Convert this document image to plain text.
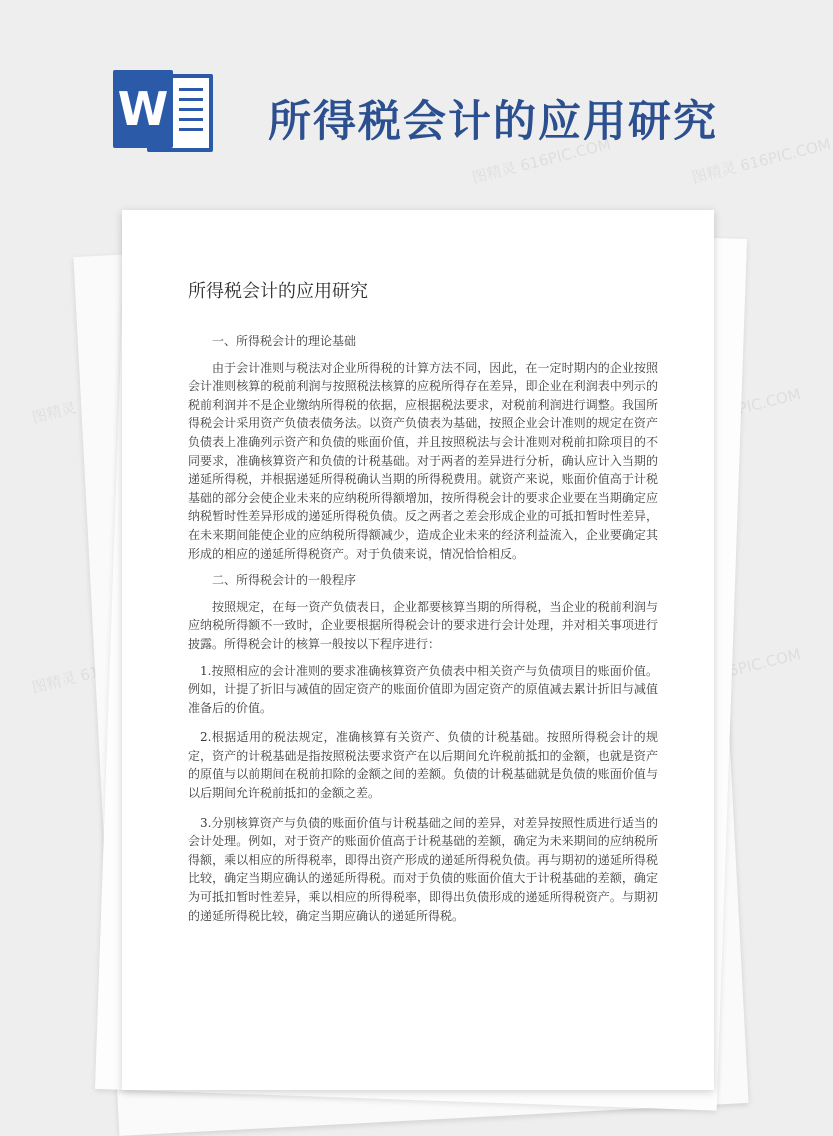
W 所得税会计的应用研究
图精灵 616PIC.COM	图精灵 616PIC.COM
图精灵
图精灵
616PIC.COM
616PIC.COM
所得税会计的应用研究
一、所得税会计的理论基础
由于会计准则与税法对企业所得税的计算方法不同，因此，在一定时期内的企业按照会计准则核算的税前利润与按照税法核算的应税所得存在差异，即企业在利润表中列示的税前利润并不是企业缴纳所得税的依据，应根据税法要求，对税前利润进行调整。我国所得税会计采用资产负债表债务法。以资产负债表为基础，按照企业会计准则的规定在资产负债表上准确列示资产和负债的账面价值，并且按照税法与会计准则对税前扣除项目的不同要求，准确核算资产和负债的计税基础。对于两者的差异进行分析，确认应计入当期的递延所得税，并根据递延所得税确认当期的所得税费用。就资产来说，账面价值高于计税基础的部分会使企业未来的应纳税所得额增加，按所得税会计的要求企业要在当期确定应纳税暂时性差异形成的递延所得税负债。反之两者之差会形成企业的可抵扣暂时性差异，在未来期间能使企业的应纳税所得额减少，造成企业未来的经济利益流入，企业要确定其形成的相应的递延所得税资产。对于负债来说，情况恰恰相反。
二、所得税会计的一般程序
按照规定，在每一资产负债表日，企业都要核算当期的所得税，当企业的税前利润与应纳税所得额不一致时，企业要根据所得税会计的要求进行会计处理，并对相关事项进行披露。所得税会计的核算一般按以下程序进行：
1.按照相应的会计准则的要求准确核算资产负债表中相关资产与负债项目的账面价值。例如，计提了折旧与减值的固定资产的账面价值即为固定资产的原值减去累计折旧与减值准备后的价值。
2.根据适用的税法规定，准确核算有关资产、负债的计税基础。按照所得税会计的规定，资产的计税基础是指按照税法要求资产在以后期间允许税前抵扣的金额，也就是资产的原值与以前期间在税前扣除的金额之间的差额。负债的计税基础就是负债的账面价值与以后期间允许税前抵扣的金额之差。
3.分别核算资产与负债的账面价值与计税基础之间的差异，对差异按照性质进行适当的会计处理。例如，对于资产的账面价值高于计税基础的差额，确定为未来期间的应纳税所得额，乘以相应的所得税率，即得出资产形成的递延所得税负债。再与期初的递延所得税比较，确定当期应确认的递延所得税。而对于负债的账面价值大于计税基础的差额，确定为可抵扣暂时性差异，乘以相应的所得税率，即得出负债形成的递延所得税资产。与期初的递延所得税比较，确定当期应确认的递延所得税。
